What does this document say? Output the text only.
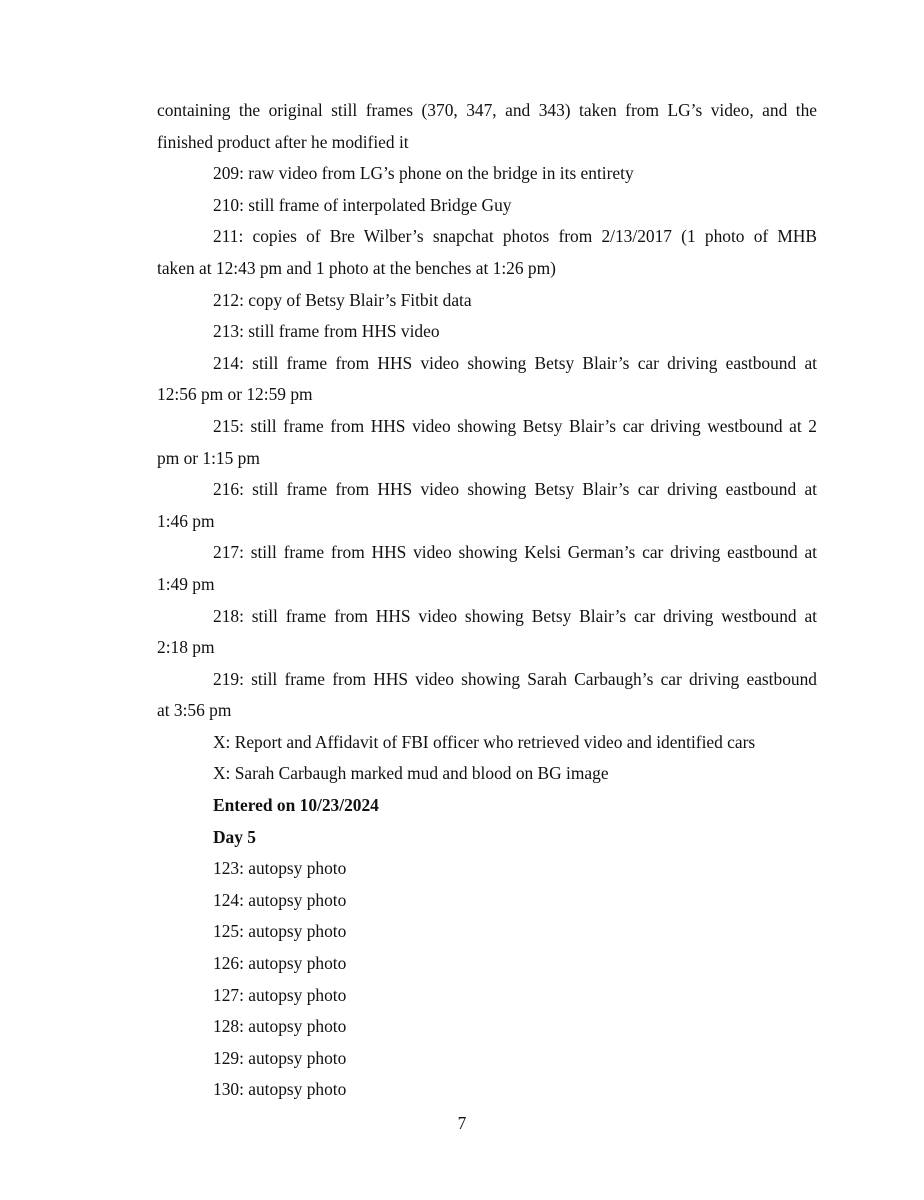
containing the original still frames (370, 347, and 343) taken from LG’s video, and the
finished product after he modified it
209: raw video from LG’s phone on the bridge in its entirety
210: still frame of interpolated Bridge Guy
211: copies of Bre Wilber’s snapchat photos from 2/13/2017 (1 photo of MHB
taken at 12:43 pm and 1 photo at the benches at 1:26 pm)
212: copy of Betsy Blair’s Fitbit data
213: still frame from HHS video
214: still frame from HHS video showing Betsy Blair’s car driving eastbound at
12:56 pm or 12:59 pm
215: still frame from HHS video showing Betsy Blair’s car driving westbound at 2
pm or 1:15 pm
216: still frame from HHS video showing Betsy Blair’s car driving eastbound at
1:46 pm
217: still frame from HHS video showing Kelsi German’s car driving eastbound at
1:49 pm
218: still frame from HHS video showing Betsy Blair’s car driving westbound at
2:18 pm
219: still frame from HHS video showing Sarah Carbaugh’s car driving eastbound
at 3:56 pm
X: Report and Affidavit of FBI officer who retrieved video and identified cars
X: Sarah Carbaugh marked mud and blood on BG image
Entered on 10/23/2024
Day 5
123: autopsy photo
124: autopsy photo
125: autopsy photo
126: autopsy photo
127: autopsy photo
128: autopsy photo
129: autopsy photo
130: autopsy photo
7
